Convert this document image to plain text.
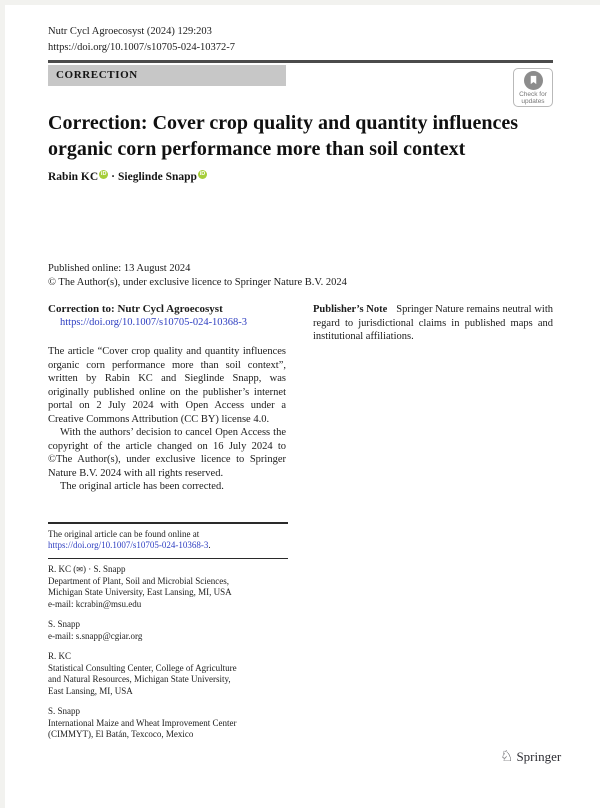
Nutr Cycl Agroecosyst (2024) 129:203
https://doi.org/10.1007/s10705-024-10372-7
CORRECTION
Check for
updates
Correction: Cover crop quality and quantity influences
organic corn performance more than soil context
Rabin KC iD · Sieglinde Snapp iD
Published online: 13 August 2024
© The Author(s), under exclusive licence to Springer Nature B.V. 2024

Correction to: Nutr Cycl Agroecosyst

https://doi.org/10.1007/s10705-024-10368-3

The article “Cover crop quality and quantity influences organic corn performance more than soil context”, written by Rabin KC and Sieglinde Snapp, was originally published online on the publisher’s internet portal on 2 July 2024 with Open Access under a Creative Commons Attribution (CC BY) license 4.0.

With the authors’ decision to cancel Open Access the copyright of the article changed on 16 July 2024 to ©The Author(s), under exclusive licence to Springer Nature B.V. 2024 with all rights reserved.

The original article has been corrected.

Publisher’s Note Springer Nature remains neutral with regard to jurisdictional claims in published maps and institutional affiliations.

The original article can be found online at https://doi.org/10.1007/s10705-024-10368-3.

R. KC (✉) · S. Snapp
Department of Plant, Soil and Microbial Sciences,
Michigan State University, East Lansing, MI, USA
e-mail: kcrabin@msu.edu
S. Snapp
e-mail: s.snapp@cgiar.org
R. KC
Statistical Consulting Center, College of Agriculture
and Natural Resources, Michigan State University,
East Lansing, MI, USA
S. Snapp
International Maize and Wheat Improvement Center
(CIMMYT), El Batán, Texcoco, Mexico
♘ Springer
